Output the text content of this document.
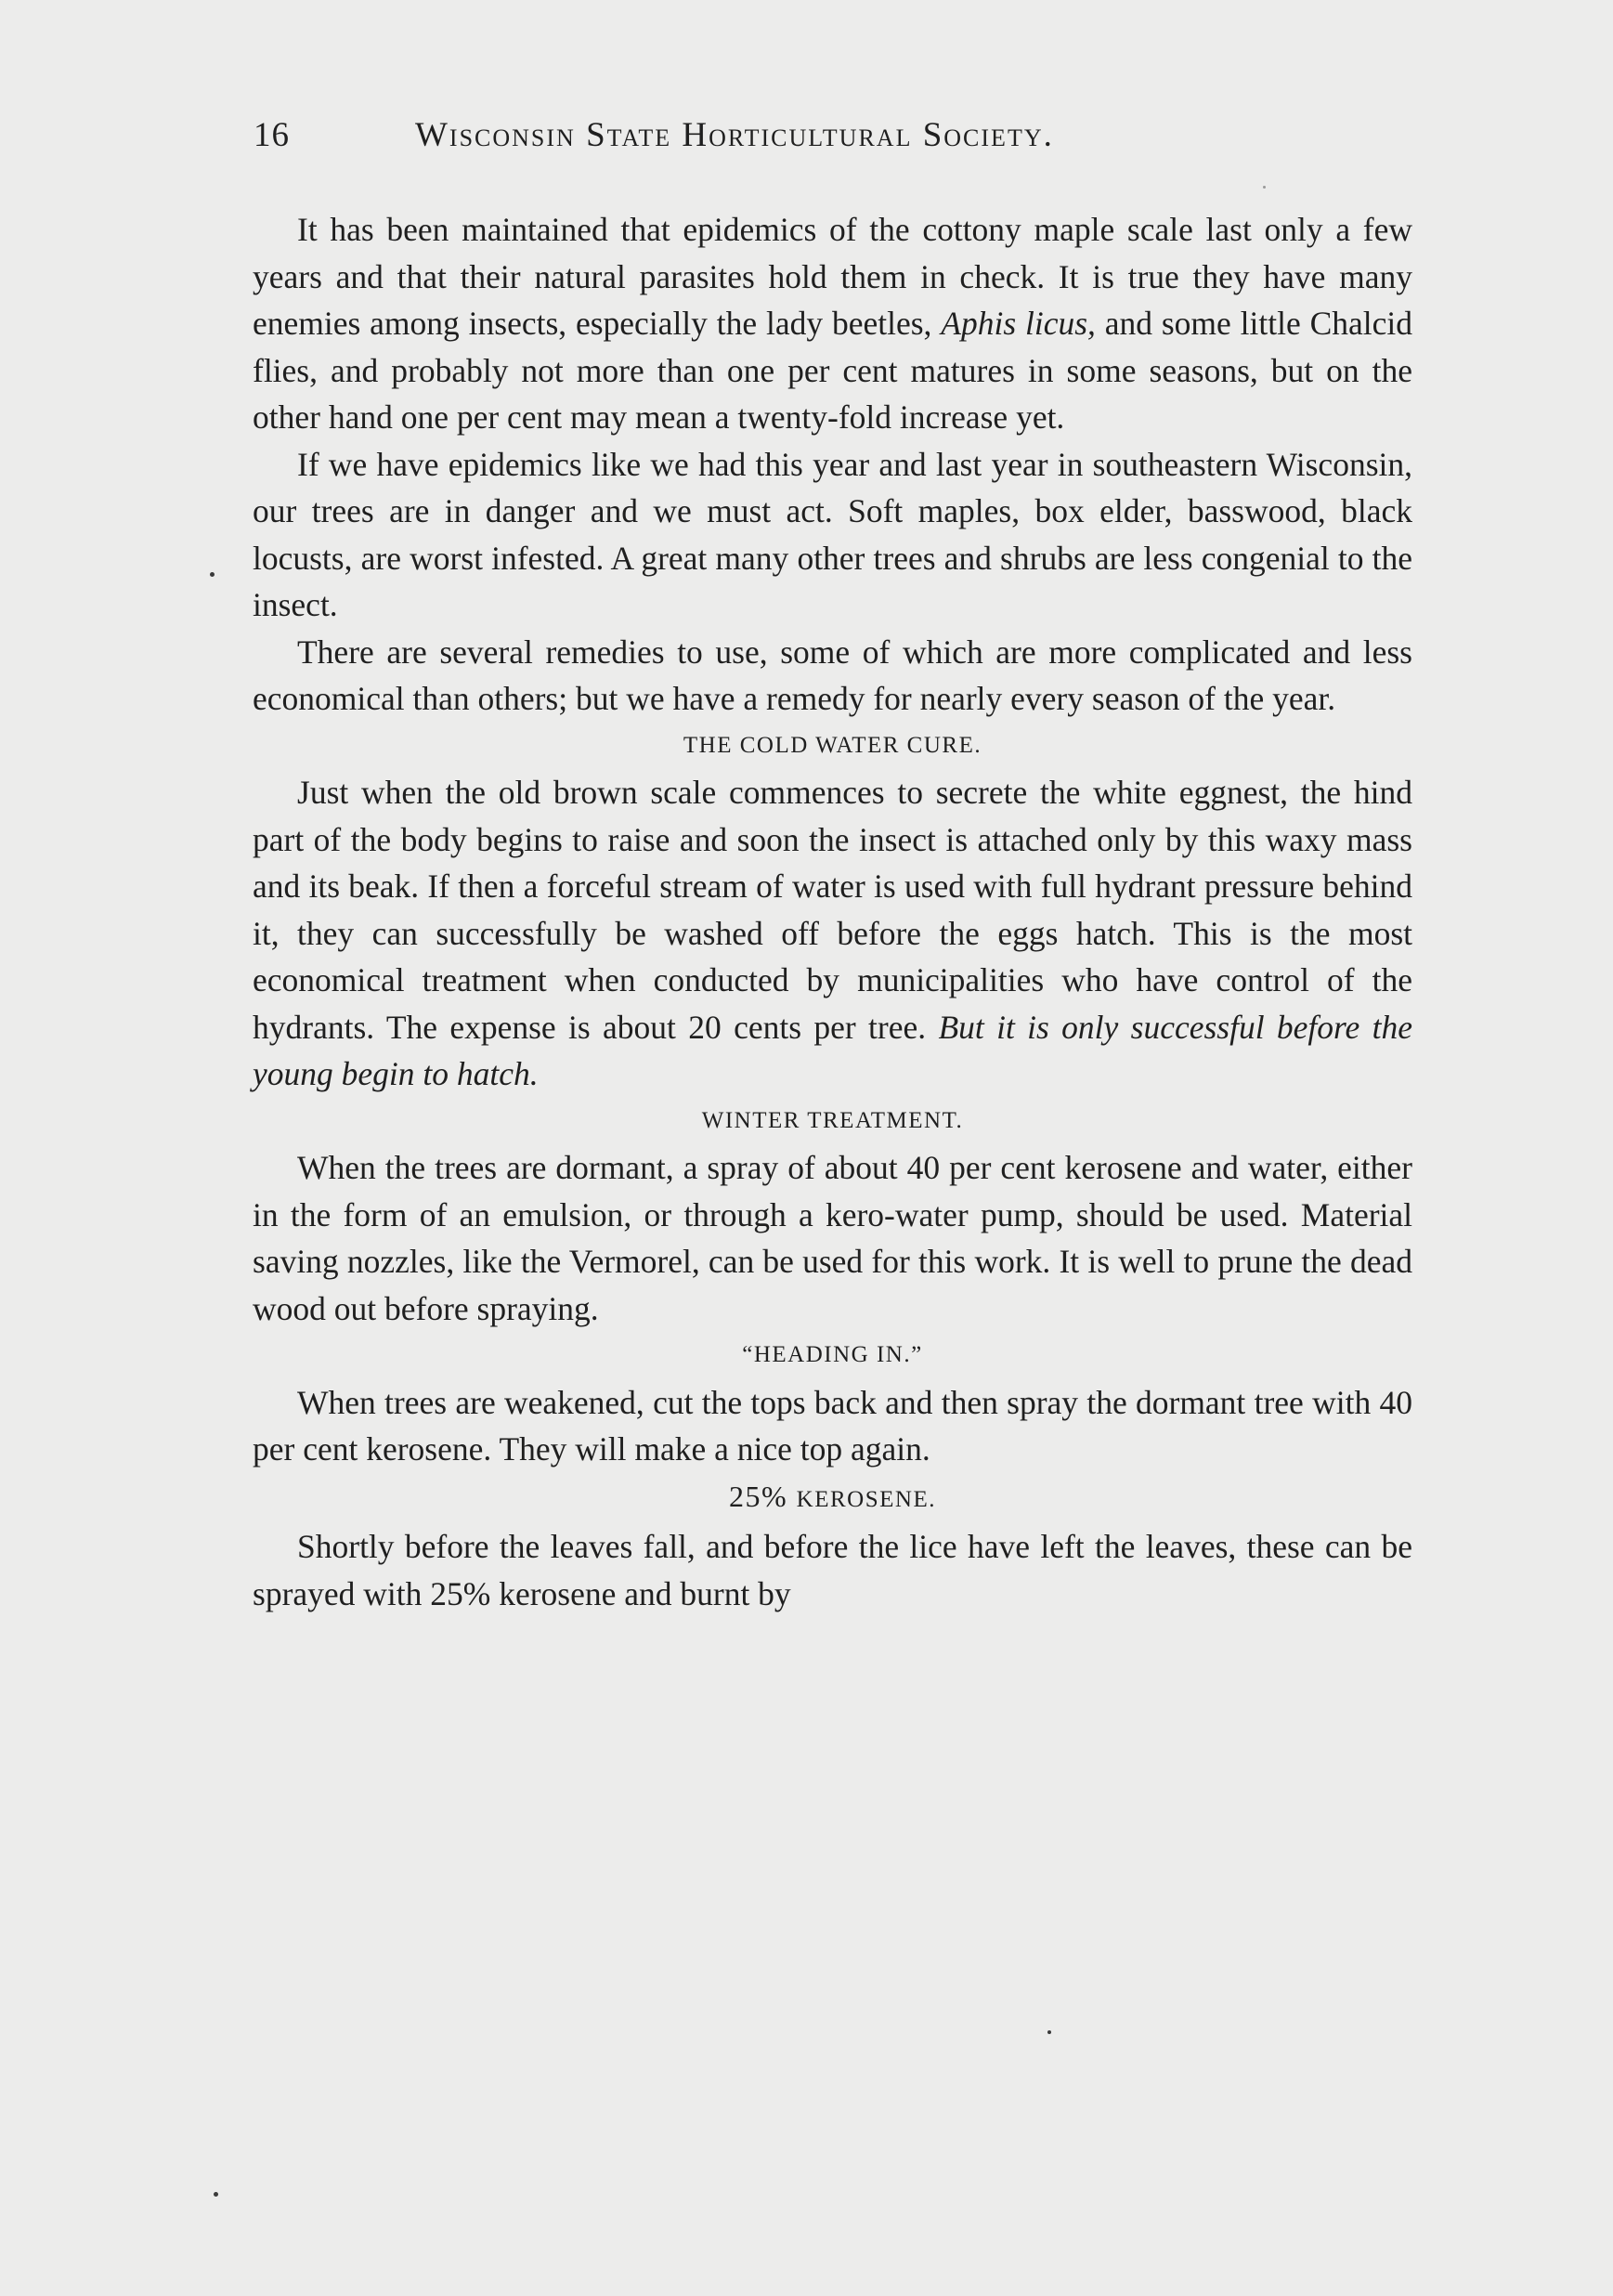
16	Wisconsin State Horticultural Society.

It has been maintained that epidemics of the cottony maple scale last only a few years and that their natural parasites hold them in check. It is true they have many enemies among insects, especially the lady beetles, Aphis licus, and some little Chalcid flies, and probably not more than one per cent matures in some seasons, but on the other hand one per cent may mean a twenty-fold increase yet.

If we have epidemics like we had this year and last year in southeastern Wisconsin, our trees are in danger and we must act. Soft maples, box elder, basswood, black locusts, are worst infested. A great many other trees and shrubs are less congenial to the insect.

There are several remedies to use, some of which are more complicated and less economical than others; but we have a remedy for nearly every season of the year.

THE COLD WATER CURE.

Just when the old brown scale commences to secrete the white eggnest, the hind part of the body begins to raise and soon the insect is attached only by this waxy mass and its beak. If then a forceful stream of water is used with full hydrant pressure behind it, they can successfully be washed off before the eggs hatch. This is the most economical treatment when conducted by municipalities who have control of the hydrants. The expense is about 20 cents per tree. But it is only successful before the young begin to hatch.

WINTER TREATMENT.

When the trees are dormant, a spray of about 40 per cent kerosene and water, either in the form of an emulsion, or through a kero-water pump, should be used. Material saving nozzles, like the Vermorel, can be used for this work. It is well to prune the dead wood out before spraying.

“HEADING IN.”

When trees are weakened, cut the tops back and then spray the dormant tree with 40 per cent kerosene. They will make a nice top again.

25% KEROSENE.

Shortly before the leaves fall, and before the lice have left the leaves, these can be sprayed with 25% kerosene and burnt by
